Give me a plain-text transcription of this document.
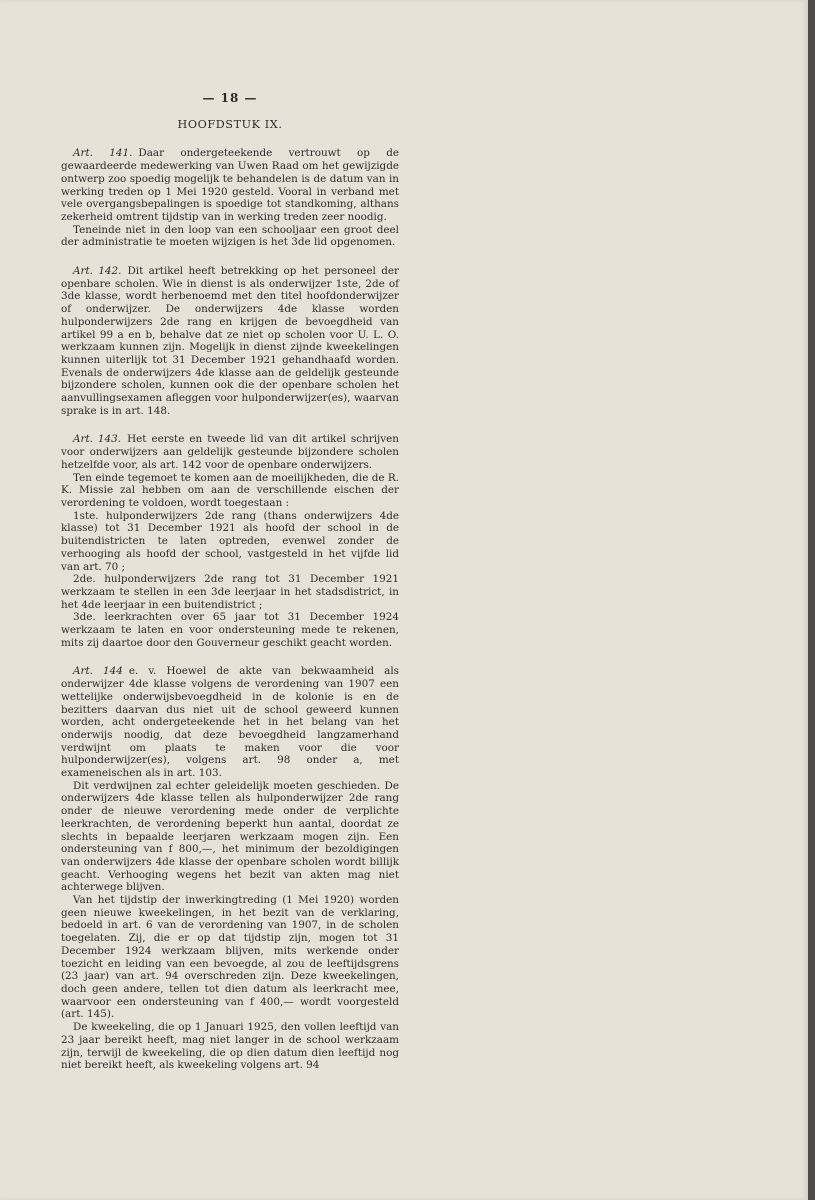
— 18 —
HOOFDSTUK IX.

Art. 141. Daar ondergeteekende vertrouwt op de gewaardeerde medewerking van Uwen Raad om het gewijzigde ontwerp zoo spoedig mogelijk te behandelen is de datum van in werking treden op 1 Mei 1920 gesteld. Vooral in verband met vele overgangsbepalingen is spoedige tot standkoming, althans zekerheid omtrent tijdstip van in werking treden zeer noodig.

Teneinde niet in den loop van een schooljaar een groot deel der administratie te moeten wijzigen is het 3de lid opgenomen.

Art. 142. Dit artikel heeft betrekking op het personeel der openbare scholen. Wie in dienst is als onderwijzer 1ste, 2de of 3de klasse, wordt herbenoemd met den titel hoofdonderwijzer of onderwijzer. De onderwijzers 4de klasse worden hulponderwijzers 2de rang en krijgen de bevoegdheid van artikel 99 a en b, behalve dat ze niet op scholen voor U. L. O. werkzaam kunnen zijn. Mogelijk in dienst zijnde kweekelingen kunnen uiterlijk tot 31 December 1921 gehandhaafd worden. Evenals de onderwijzers 4de klasse aan de geldelijk gesteunde bijzondere scholen, kunnen ook die der openbare scholen het aanvullingsexamen afleggen voor hulponderwijzer(es), waarvan sprake is in art. 148.

Art. 143. Het eerste en tweede lid van dit artikel schrijven voor onderwijzers aan geldelijk gesteunde bijzondere scholen hetzelfde voor, als art. 142 voor de openbare onderwijzers.

Ten einde tegemoet te komen aan de moeilijkheden, die de R. K. Missie zal hebben om aan de verschillende eischen der verordening te voldoen, wordt toegestaan :

1ste. hulponderwijzers 2de rang (thans onderwijzers 4de klasse) tot 31 December 1921 als hoofd der school in de buitendistricten te laten optreden, evenwel zonder de verhooging als hoofd der school, vastgesteld in het vijfde lid van art. 70 ;

2de. hulponderwijzers 2de rang tot 31 December 1921 werkzaam te stellen in een 3de leerjaar in het stadsdistrict, in het 4de leerjaar in een buitendistrict ;

3de. leerkrachten over 65 jaar tot 31 December 1924 werkzaam te laten en voor ondersteuning mede te rekenen, mits zij daartoe door den Gouverneur geschikt geacht worden.

Art. 144 e. v. Hoewel de akte van bekwaamheid als onderwijzer 4de klasse volgens de verordening van 1907 een wettelijke onderwijsbevoegdheid in de kolonie is en de bezitters daarvan dus niet uit de school geweerd kunnen worden, acht ondergeteekende het in het belang van het onderwijs noodig, dat deze bevoegdheid langzamerhand verdwijnt om plaats te maken voor die voor hulponderwijzer(es), volgens art. 98 onder a, met exameneischen als in art. 103.

Dit verdwijnen zal echter geleidelijk moeten geschieden. De onderwijzers 4de klasse tellen als hulponderwijzer 2de rang onder de nieuwe verordening mede onder de verplichte leerkrachten, de verordening beperkt hun aantal, doordat ze slechts in bepaalde leerjaren werkzaam mogen zijn. Een ondersteuning van f 800,—, het minimum der bezoldigingen van onderwijzers 4de klasse der openbare scholen wordt billijk geacht. Verhooging wegens het bezit van akten mag niet achterwege blijven.

Van het tijdstip der inwerkingtreding (1 Mei 1920) worden geen nieuwe kweekelingen, in het bezit van de verklaring, bedoeld in art. 6 van de verordening van 1907, in de scholen toegelaten. Zij, die er op dat tijdstip zijn, mogen tot 31 December 1924 werkzaam blijven, mits werkende onder toezicht en leiding van een bevoegde, al zou de leeftijdsgrens (23 jaar) van art. 94 overschreden zijn. Deze kweekelingen, doch geen andere, tellen tot dien datum als leerkracht mee, waarvoor een ondersteuning van f 400,— wordt voorgesteld (art. 145).

De kweekeling, die op 1 Januari 1925, den vollen leeftijd van 23 jaar bereikt heeft, mag niet langer in de school werkzaam zijn, terwijl de kweekeling, die op dien datum dien leeftijd nog niet bereikt heeft, als kweekeling volgens art. 94
